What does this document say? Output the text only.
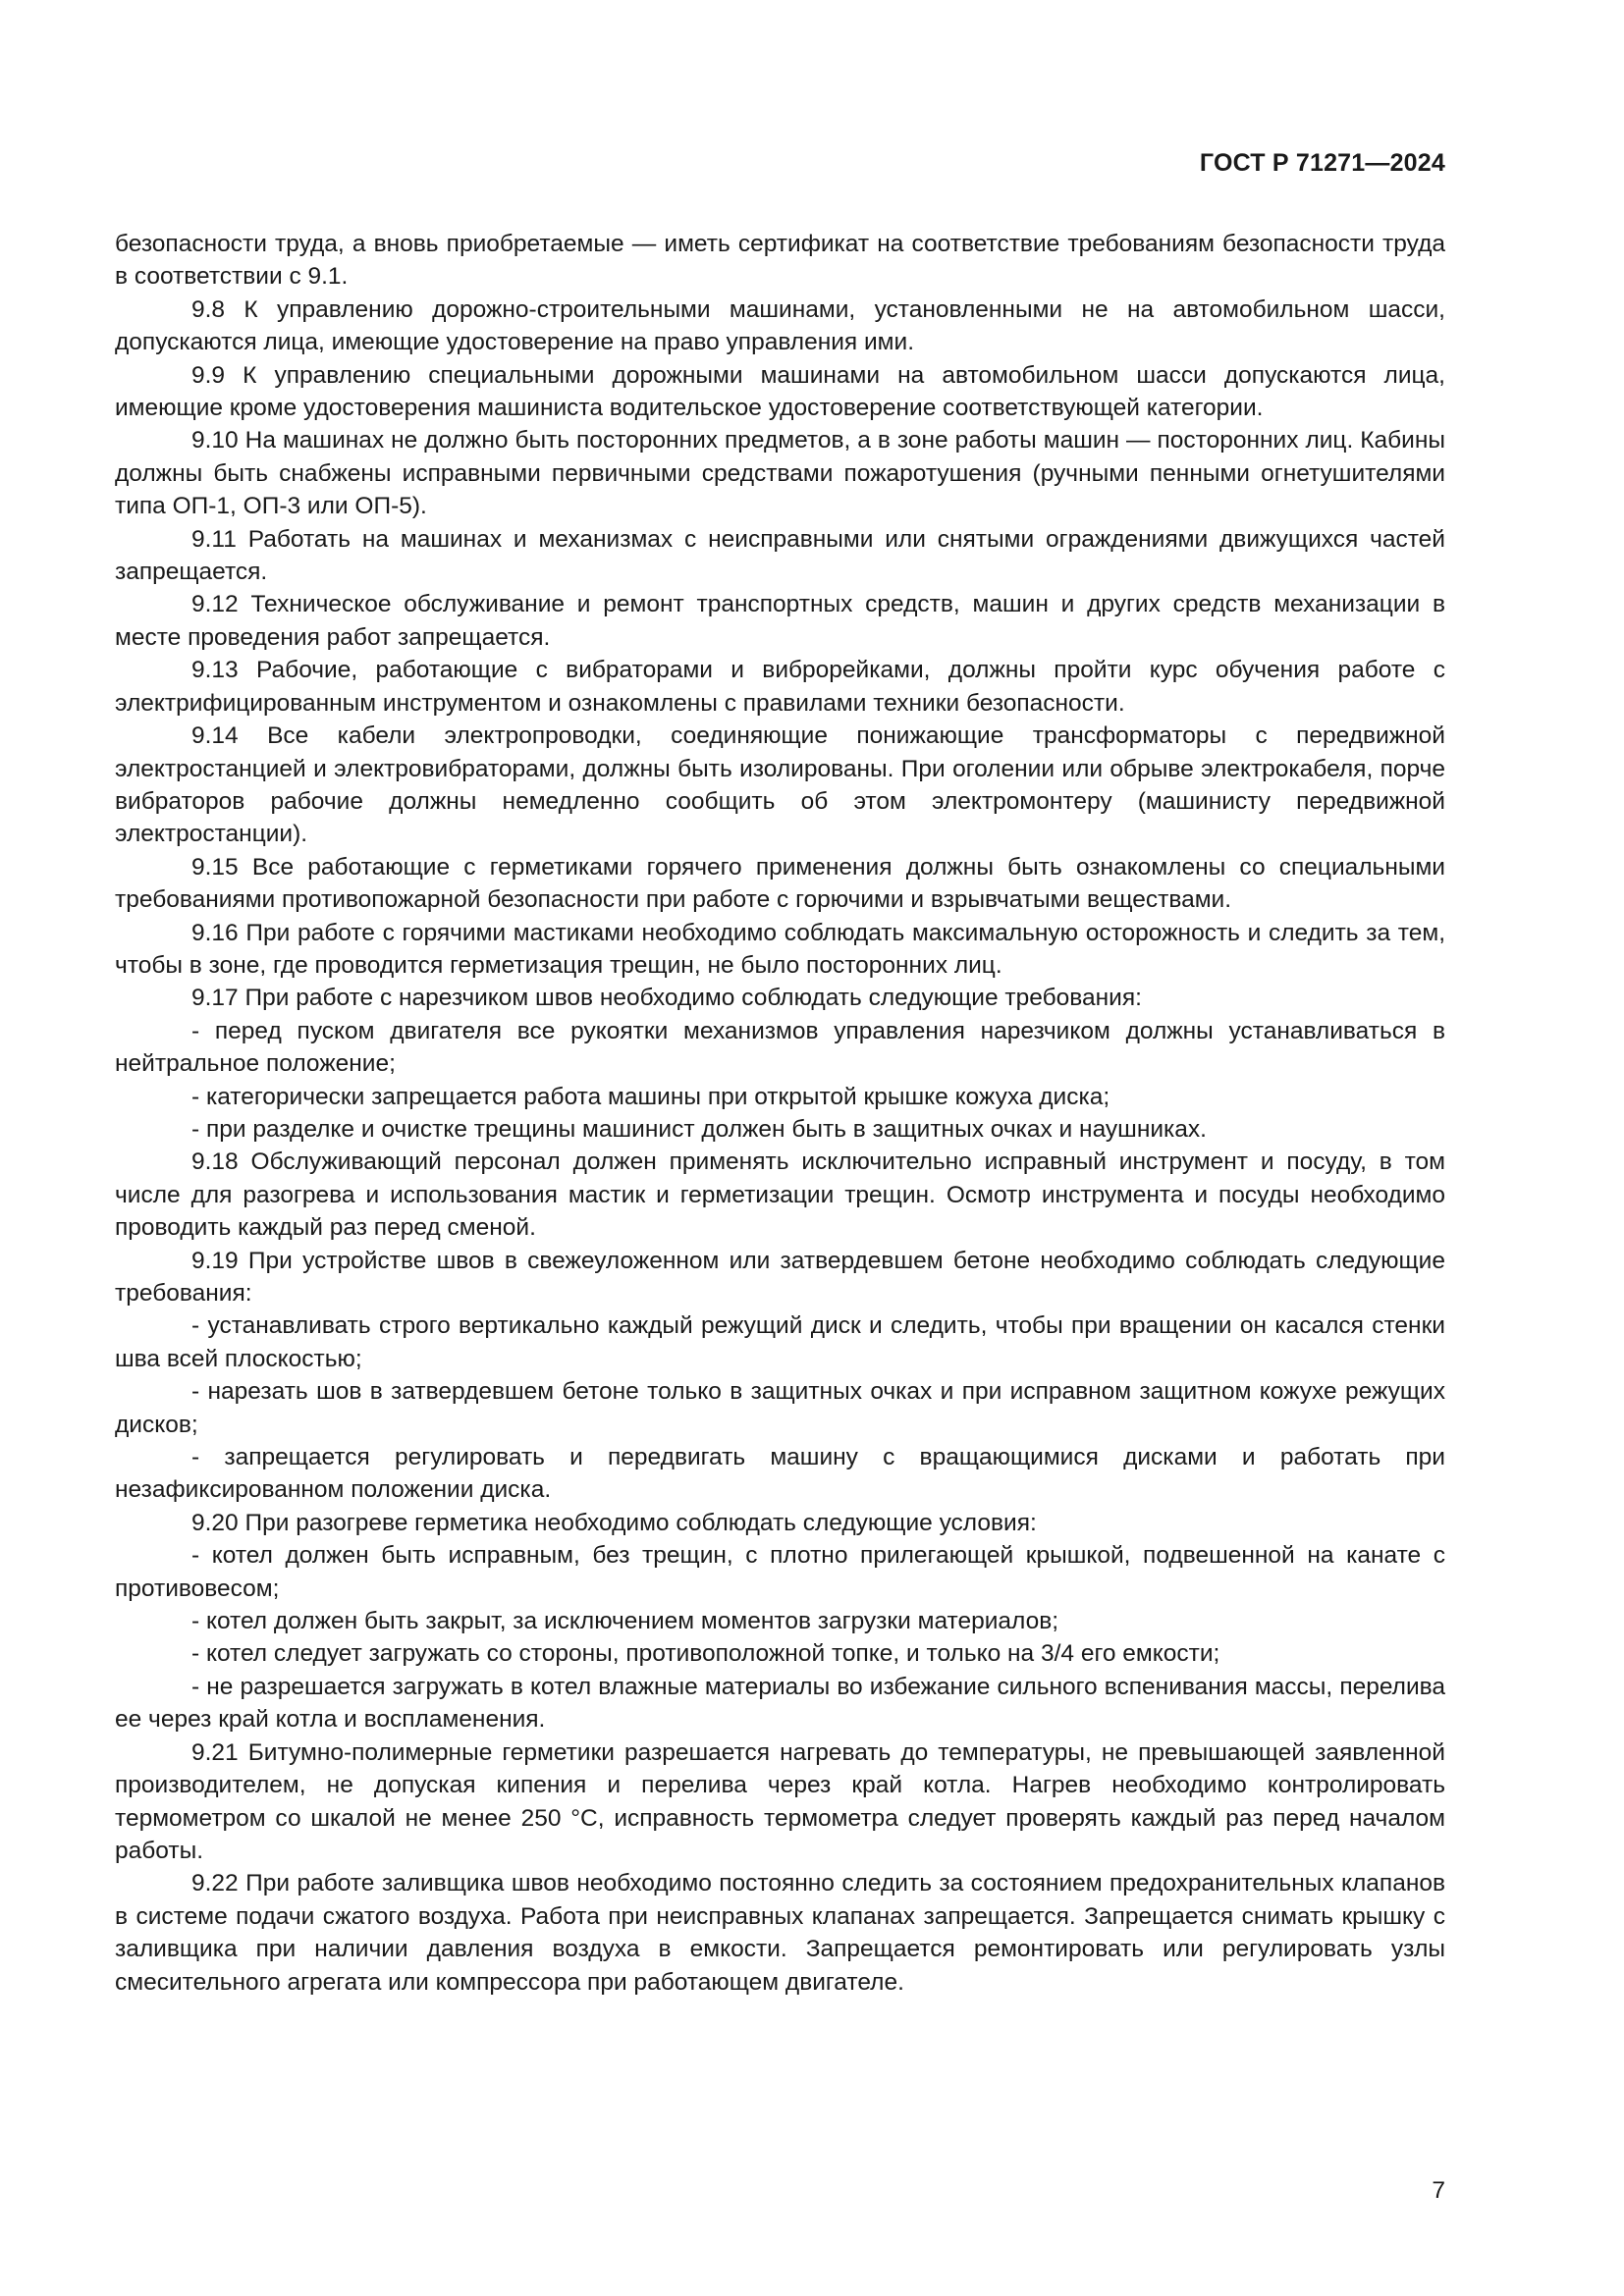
ГОСТ Р 71271—2024

безопасности труда, а вновь приобретаемые — иметь сертификат на соответствие требованиям безопасности труда в соответствии с 9.1.

9.8 К управлению дорожно-строительными машинами, установленными не на автомобильном шасси, допускаются лица, имеющие удостоверение на право управления ими.

9.9 К управлению специальными дорожными машинами на автомобильном шасси допускаются лица, имеющие кроме удостоверения машиниста водительское удостоверение соответствующей категории.

9.10 На машинах не должно быть посторонних предметов, а в зоне работы машин — посторонних лиц. Кабины должны быть снабжены исправными первичными средствами пожаротушения (ручными пенными огнетушителями типа ОП-1, ОП-3 или ОП-5).

9.11 Работать на машинах и механизмах с неисправными или снятыми ограждениями движущихся частей запрещается.

9.12 Техническое обслуживание и ремонт транспортных средств, машин и других средств механизации в месте проведения работ запрещается.

9.13 Рабочие, работающие с вибраторами и виброрейками, должны пройти курс обучения работе с электрифицированным инструментом и ознакомлены с правилами техники безопасности.

9.14 Все кабели электропроводки, соединяющие понижающие трансформаторы с передвижной электростанцией и электровибраторами, должны быть изолированы. При оголении или обрыве электрокабеля, порче вибраторов рабочие должны немедленно сообщить об этом электромонтеру (машинисту передвижной электростанции).

9.15 Все работающие с герметиками горячего применения должны быть ознакомлены со специальными требованиями противопожарной безопасности при работе с горючими и взрывчатыми веществами.

9.16 При работе с горячими мастиками необходимо соблюдать максимальную осторожность и следить за тем, чтобы в зоне, где проводится герметизация трещин, не было посторонних лиц.

9.17 При работе с нарезчиком швов необходимо соблюдать следующие требования:

- перед пуском двигателя все рукоятки механизмов управления нарезчиком должны устанавливаться в нейтральное положение;

- категорически запрещается работа машины при открытой крышке кожуха диска;

- при разделке и очистке трещины машинист должен быть в защитных очках и наушниках.

9.18 Обслуживающий персонал должен применять исключительно исправный инструмент и посуду, в том числе для разогрева и использования мастик и герметизации трещин. Осмотр инструмента и посуды необходимо проводить каждый раз перед сменой.

9.19 При устройстве швов в свежеуложенном или затвердевшем бетоне необходимо соблюдать следующие требования:

- устанавливать строго вертикально каждый режущий диск и следить, чтобы при вращении он касался стенки шва всей плоскостью;

- нарезать шов в затвердевшем бетоне только в защитных очках и при исправном защитном кожухе режущих дисков;

- запрещается регулировать и передвигать машину с вращающимися дисками и работать при незафиксированном положении диска.

9.20 При разогреве герметика необходимо соблюдать следующие условия:

- котел должен быть исправным, без трещин, с плотно прилегающей крышкой, подвешенной на канате с противовесом;

- котел должен быть закрыт, за исключением моментов загрузки материалов;

- котел следует загружать со стороны, противоположной топке, и только на 3/4 его емкости;

- не разрешается загружать в котел влажные материалы во избежание сильного вспенивания массы, перелива ее через край котла и воспламенения.

9.21 Битумно-полимерные герметики разрешается нагревать до температуры, не превышающей заявленной производителем, не допуская кипения и перелива через край котла. Нагрев необходимо контролировать термометром со шкалой не менее 250 °С, исправность термометра следует проверять каждый раз перед началом работы.

9.22 При работе заливщика швов необходимо постоянно следить за состоянием предохранительных клапанов в системе подачи сжатого воздуха. Работа при неисправных клапанах запрещается. Запрещается снимать крышку с заливщика при наличии давления воздуха в емкости. Запрещается ремонтировать или регулировать узлы смесительного агрегата или компрессора при работающем двигателе.

7
